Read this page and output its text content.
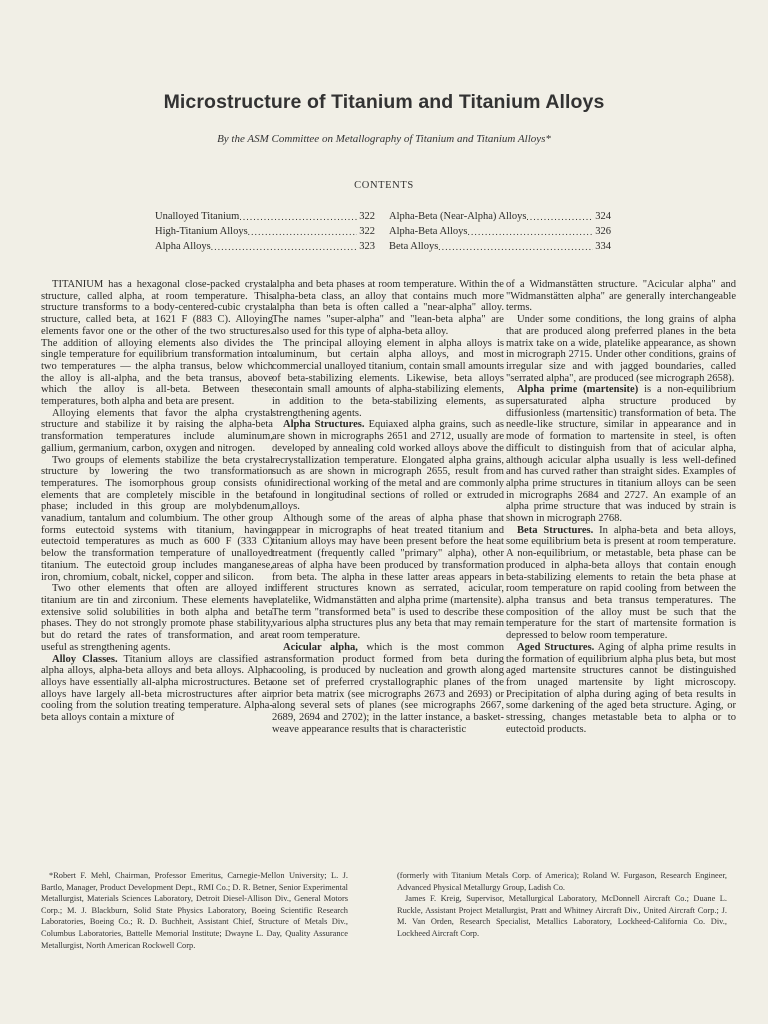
Microstructure of Titanium and Titanium Alloys
By the ASM Committee on Metallography of Titanium and Titanium Alloys*
CONTENTS
Unalloyed Titanium . . .	322
High-Titanium Alloys . . .	322
Alpha Alloys . . .	323
Alpha-Beta (Near-Alpha) Alloys . . .	324
Alpha-Beta Alloys . . .	326
Beta Alloys . . .	334

TITANIUM has a hexagonal close-packed crystal structure, called alpha, at room temperature. This structure transforms to a body-centered-cubic crystal structure, called beta, at 1621 F (883 C). Alloying elements favor one or the other of the two structures. The addition of alloying elements also divides the single temperature for equilibrium transformation into two temperatures — the alpha transus, below which the alloy is all-alpha, and the beta transus, above which the alloy is all-beta. Between these temperatures, both alpha and beta are present.

Alloying elements that favor the alpha crystal structure and stabilize it by raising the alpha-beta transformation temperatures include aluminum, gallium, germanium, carbon, oxygen and nitrogen.

Two groups of elements stabilize the beta crystal structure by lowering the two transformation temperatures. The isomorphous group consists of elements that are completely miscible in the beta phase; included in this group are molybdenum, vanadium, tantalum and columbium. The other group forms eutectoid systems with titanium, having eutectoid temperatures as much as 600 F (333 C) below the transformation temperature of unalloyed titanium. The eutectoid group includes manganese, iron, chromium, cobalt, nickel, copper and silicon.

Two other elements that often are alloyed in titanium are tin and zirconium. These elements have extensive solid solubilities in both alpha and beta phases. They do not strongly promote phase stability, but do retard the rates of transformation, and are useful as strengthening agents.

Alloy Classes. Titanium alloys are classified as alpha alloys, alpha-beta alloys and beta alloys. Alpha alloys have essentially all-alpha microstructures. Beta alloys have largely all-beta microstructures after air cooling from the solution treating temperature. Alpha-beta alloys contain a mixture of

alpha and beta phases at room temperature. Within the alpha-beta class, an alloy that contains much more alpha than beta is often called a "near-alpha" alloy. The names "super-alpha" and "lean-beta alpha" are also used for this type of alpha-beta alloy.

The principal alloying element in alpha alloys is aluminum, but certain alpha alloys, and most commercial unalloyed titanium, contain small amounts of beta-stabilizing elements. Likewise, beta alloys contain small amounts of alpha-stabilizing elements, in addition to the beta-stabilizing elements, as strengthening agents.

Alpha Structures. Equiaxed alpha grains, such as are shown in micrographs 2651 and 2712, usually are developed by annealing cold worked alloys above the recrystallization temperature. Elongated alpha grains, such as are shown in micrograph 2655, result from unidirectional working of the metal and are commonly found in longitudinal sections of rolled or extruded alloys.

Although some of the areas of alpha phase that appear in micrographs of heat treated titanium and titanium alloys may have been present before the heat treatment (frequently called "primary" alpha), other areas of alpha have been produced by transformation from beta. The alpha in these latter areas appears in different structures known as serrated, acicular, platelike, Widmanstätten and alpha prime (martensite). The term "transformed beta" is used to describe these various alpha structures plus any beta that may remain at room temperature.

Acicular alpha, which is the most common transformation product formed from beta during cooling, is produced by nucleation and growth along one set of preferred crystallographic planes of the prior beta matrix (see micrographs 2673 and 2693) or along several sets of planes (see micrographs 2667, 2689, 2694 and 2702); in the latter instance, a basket-weave appearance results that is characteristic

of a Widmanstätten structure. "Acicular alpha" and "Widmanstätten alpha" are generally interchangeable terms.

Under some conditions, the long grains of alpha that are produced along preferred planes in the beta matrix take on a wide, platelike appearance, as shown in micrograph 2715. Under other conditions, grains of irregular size and with jagged boundaries, called "serrated alpha", are produced (see micrograph 2658).

Alpha prime (martensite) is a non-equilibrium supersaturated alpha structure produced by diffusionless (martensitic) transformation of beta. The needle-like structure, similar in appearance and in mode of formation to martensite in steel, is often difficult to distinguish from that of acicular alpha, although acicular alpha usually is less well-defined and has curved rather than straight sides. Examples of alpha prime structures in titanium alloys can be seen in micrographs 2684 and 2727. An example of an alpha prime structure that was induced by strain is shown in micrograph 2768.

Beta Structures. In alpha-beta and beta alloys, some equilibrium beta is present at room temperature. A non-equilibrium, or metastable, beta phase can be produced in alpha-beta alloys that contain enough beta-stabilizing elements to retain the beta phase at room temperature on rapid cooling from between the alpha transus and beta transus temperatures. The composition of the alloy must be such that the temperature for the start of martensite formation is depressed to below room temperature.

Aged Structures. Aging of alpha prime results in the formation of equilibrium alpha plus beta, but most aged martensite structures cannot be distinguished from unaged martensite by light microscopy. Precipitation of alpha during aging of beta results in some darkening of the aged beta structure. Aging, or stressing, changes metastable beta to alpha or to eutectoid products.

*Robert F. Mehl, Chairman, Professor Emeritus, Carnegie-Mellon University; L. J. Bartlo, Manager, Product Development Dept., RMI Co.; D. R. Betner, Senior Experimental Metallurgist, Materials Sciences Laboratory, Detroit Diesel-Allison Div., General Motors Corp.; M. J. Blackburn, Solid State Physics Laboratory, Boeing Scientific Research Laboratories, Boeing Co.; R. D. Buchheit, Assistant Chief, Structure of Metals Div., Columbus Laboratories, Battelle Memorial Institute; Dwayne L. Day, Quality Assurance Metallurgist, North American Rockwell Corp.

(formerly with Titanium Metals Corp. of America); Roland W. Furgason, Research Engineer, Advanced Physical Metallurgy Group, Ladish Co.

James F. Kreig, Supervisor, Metallurgical Laboratory, McDonnell Aircraft Co.; Duane L. Ruckle, Assistant Project Metallurgist, Pratt and Whitney Aircraft Div., United Aircraft Corp.; J. M. Van Orden, Research Specialist, Metallics Laboratory, Lockheed-California Co. Div., Lockheed Aircraft Corp.
